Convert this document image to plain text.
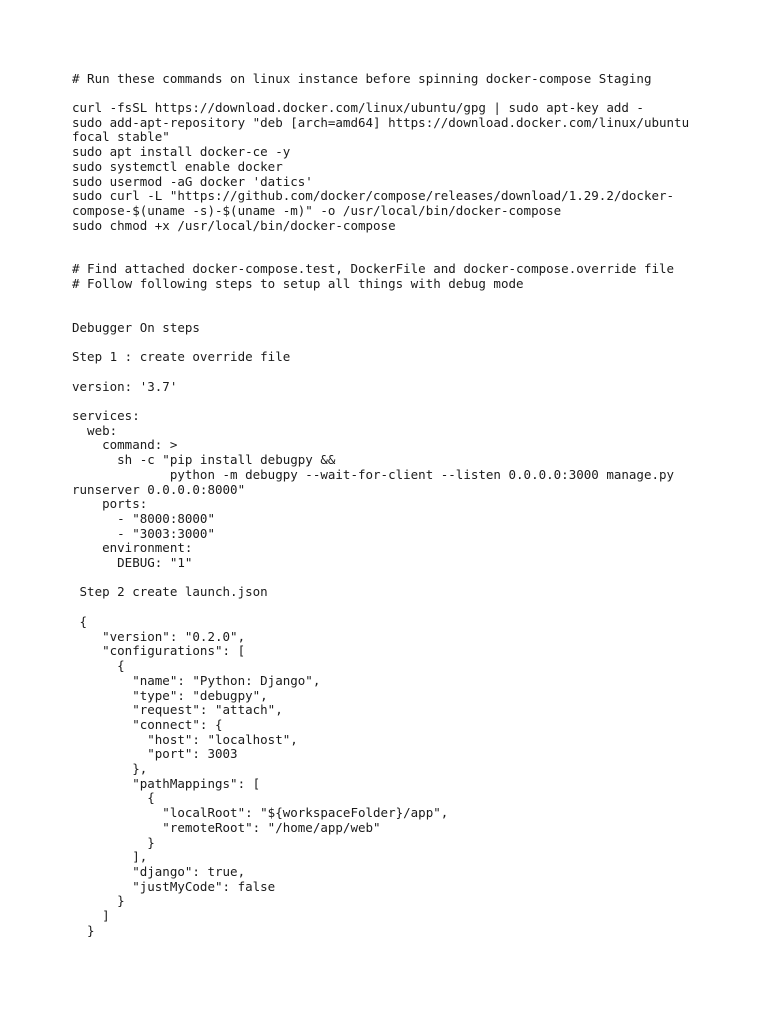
# Run these commands on linux instance before spinning docker-compose Staging
curl -fsSL https://download.docker.com/linux/ubuntu/gpg | sudo apt-key add -
sudo add-apt-repository "deb [arch=amd64] https://download.docker.com/linux/ubuntu
focal stable"
sudo apt install docker-ce -y
sudo systemctl enable docker
sudo usermod -aG docker 'datics'
sudo curl -L "https://github.com/docker/compose/releases/download/1.29.2/docker-
compose-$(uname -s)-$(uname -m)" -o /usr/local/bin/docker-compose
sudo chmod +x /usr/local/bin/docker-compose
# Find attached docker-compose.test, DockerFile and docker-compose.override file
# Follow following steps to setup all things with debug mode
Debugger On steps
Step 1 : create override file
version: '3.7'
services:
web:
command: >
sh -c "pip install debugpy &&
python -m debugpy --wait-for-client --listen 0.0.0.0:3000 manage.py
runserver 0.0.0.0:8000"
ports:
- "8000:8000"
- "3003:3000"
environment:
DEBUG: "1"
Step 2 create launch.json
{
"version": "0.2.0",
"configurations": [
{
"name": "Python: Django",
"type": "debugpy",
"request": "attach",
"connect": {
"host": "localhost",
"port": 3003
},
"pathMappings": [
{
"localRoot": "${workspaceFolder}/app",
"remoteRoot": "/home/app/web"
}
],
"django": true,
"justMyCode": false
}
]
}
